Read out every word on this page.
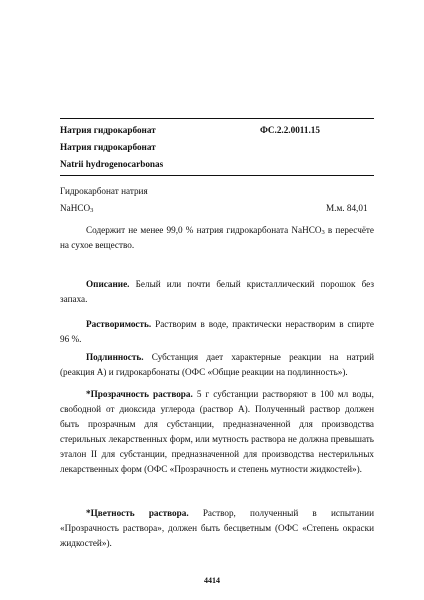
Натрия гидрокарбонат	ФС.2.2.0011.15
Натрия гидрокарбонат
Natrii hydrogenocarbonas
Гидрокарбонат натрия
NaHCO$_3$	М.м. 84,01
Содержит не менее 99,0 % натрия гидрокарбоната NaHCO$_3$ в пересчёте на сухое вещество.
Описание. Белый или почти белый кристаллический порошок без запаха.
Растворимость. Растворим в воде, практически нерастворим в спирте 96 %.
Подлинность. Субстанция дает характерные реакции на натрий (реакция А) и гидрокарбонаты (ОФС «Общие реакции на подлинность»).
*Прозрачность раствора. 5 г субстанции растворяют в 100 мл воды, свободной от диоксида углерода (раствор А). Полученный раствор должен быть прозрачным для субстанции, предназначенной для производства стерильных лекарственных форм, или мутность раствора не должна превышать эталон II для субстанции, предназначенной для производства нестерильных лекарственных форм (ОФС «Прозрачность и степень мутности жидкостей»).
*Цветность раствора. Раствор, полученный в испытании «Прозрачность раствора», должен быть бесцветным (ОФС «Степень окраски жидкостей»).
4414
